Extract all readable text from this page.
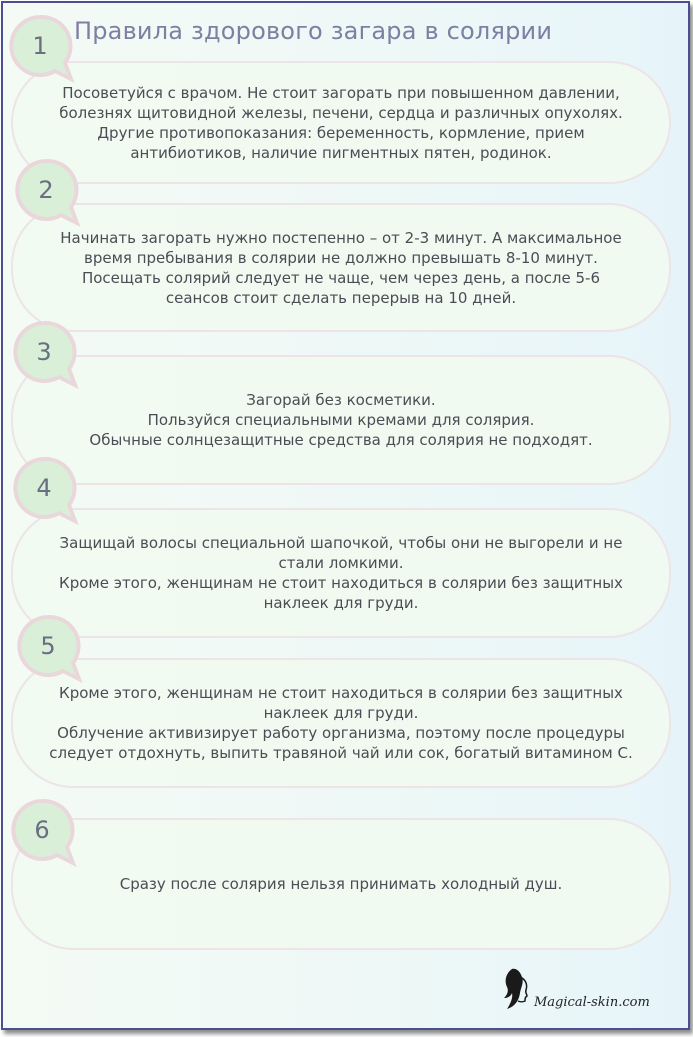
Правила здорового загара в солярии
Посоветуйся с врачом. Не стоит загорать при повышенном давлении,
болезнях щитовидной железы, печени, сердца и различных опухолях.
Другие противопоказания: беременность, кормление, прием
антибиотиков, наличие пигментных пятен, родинок.
Начинать загорать нужно постепенно – от 2-3 минут. А максимальное
время пребывания в солярии не должно превышать 8-10 минут.
Посещать солярий следует не чаще, чем через день, а после 5-6
сеансов стоит сделать перерыв на 10 дней.
Загорай без косметики.
Пользуйся специальными кремами для солярия.
Обычные солнцезащитные средства для солярия не подходят.
Защищай волосы специальной шапочкой, чтобы они не выгорели и не
стали ломкими.
Кроме этого, женщинам не стоит находиться в солярии без защитных
наклеек для груди.
Кроме этого, женщинам не стоит находиться в солярии без защитных
наклеек для груди.
Облучение активизирует работу организма, поэтому после процедуры
следует отдохнуть, выпить травяной чай или сок, богатый витамином С.
Сразу после солярия нельзя принимать холодный душ.
1
2
3
4
5
6
Magical-skin.com
